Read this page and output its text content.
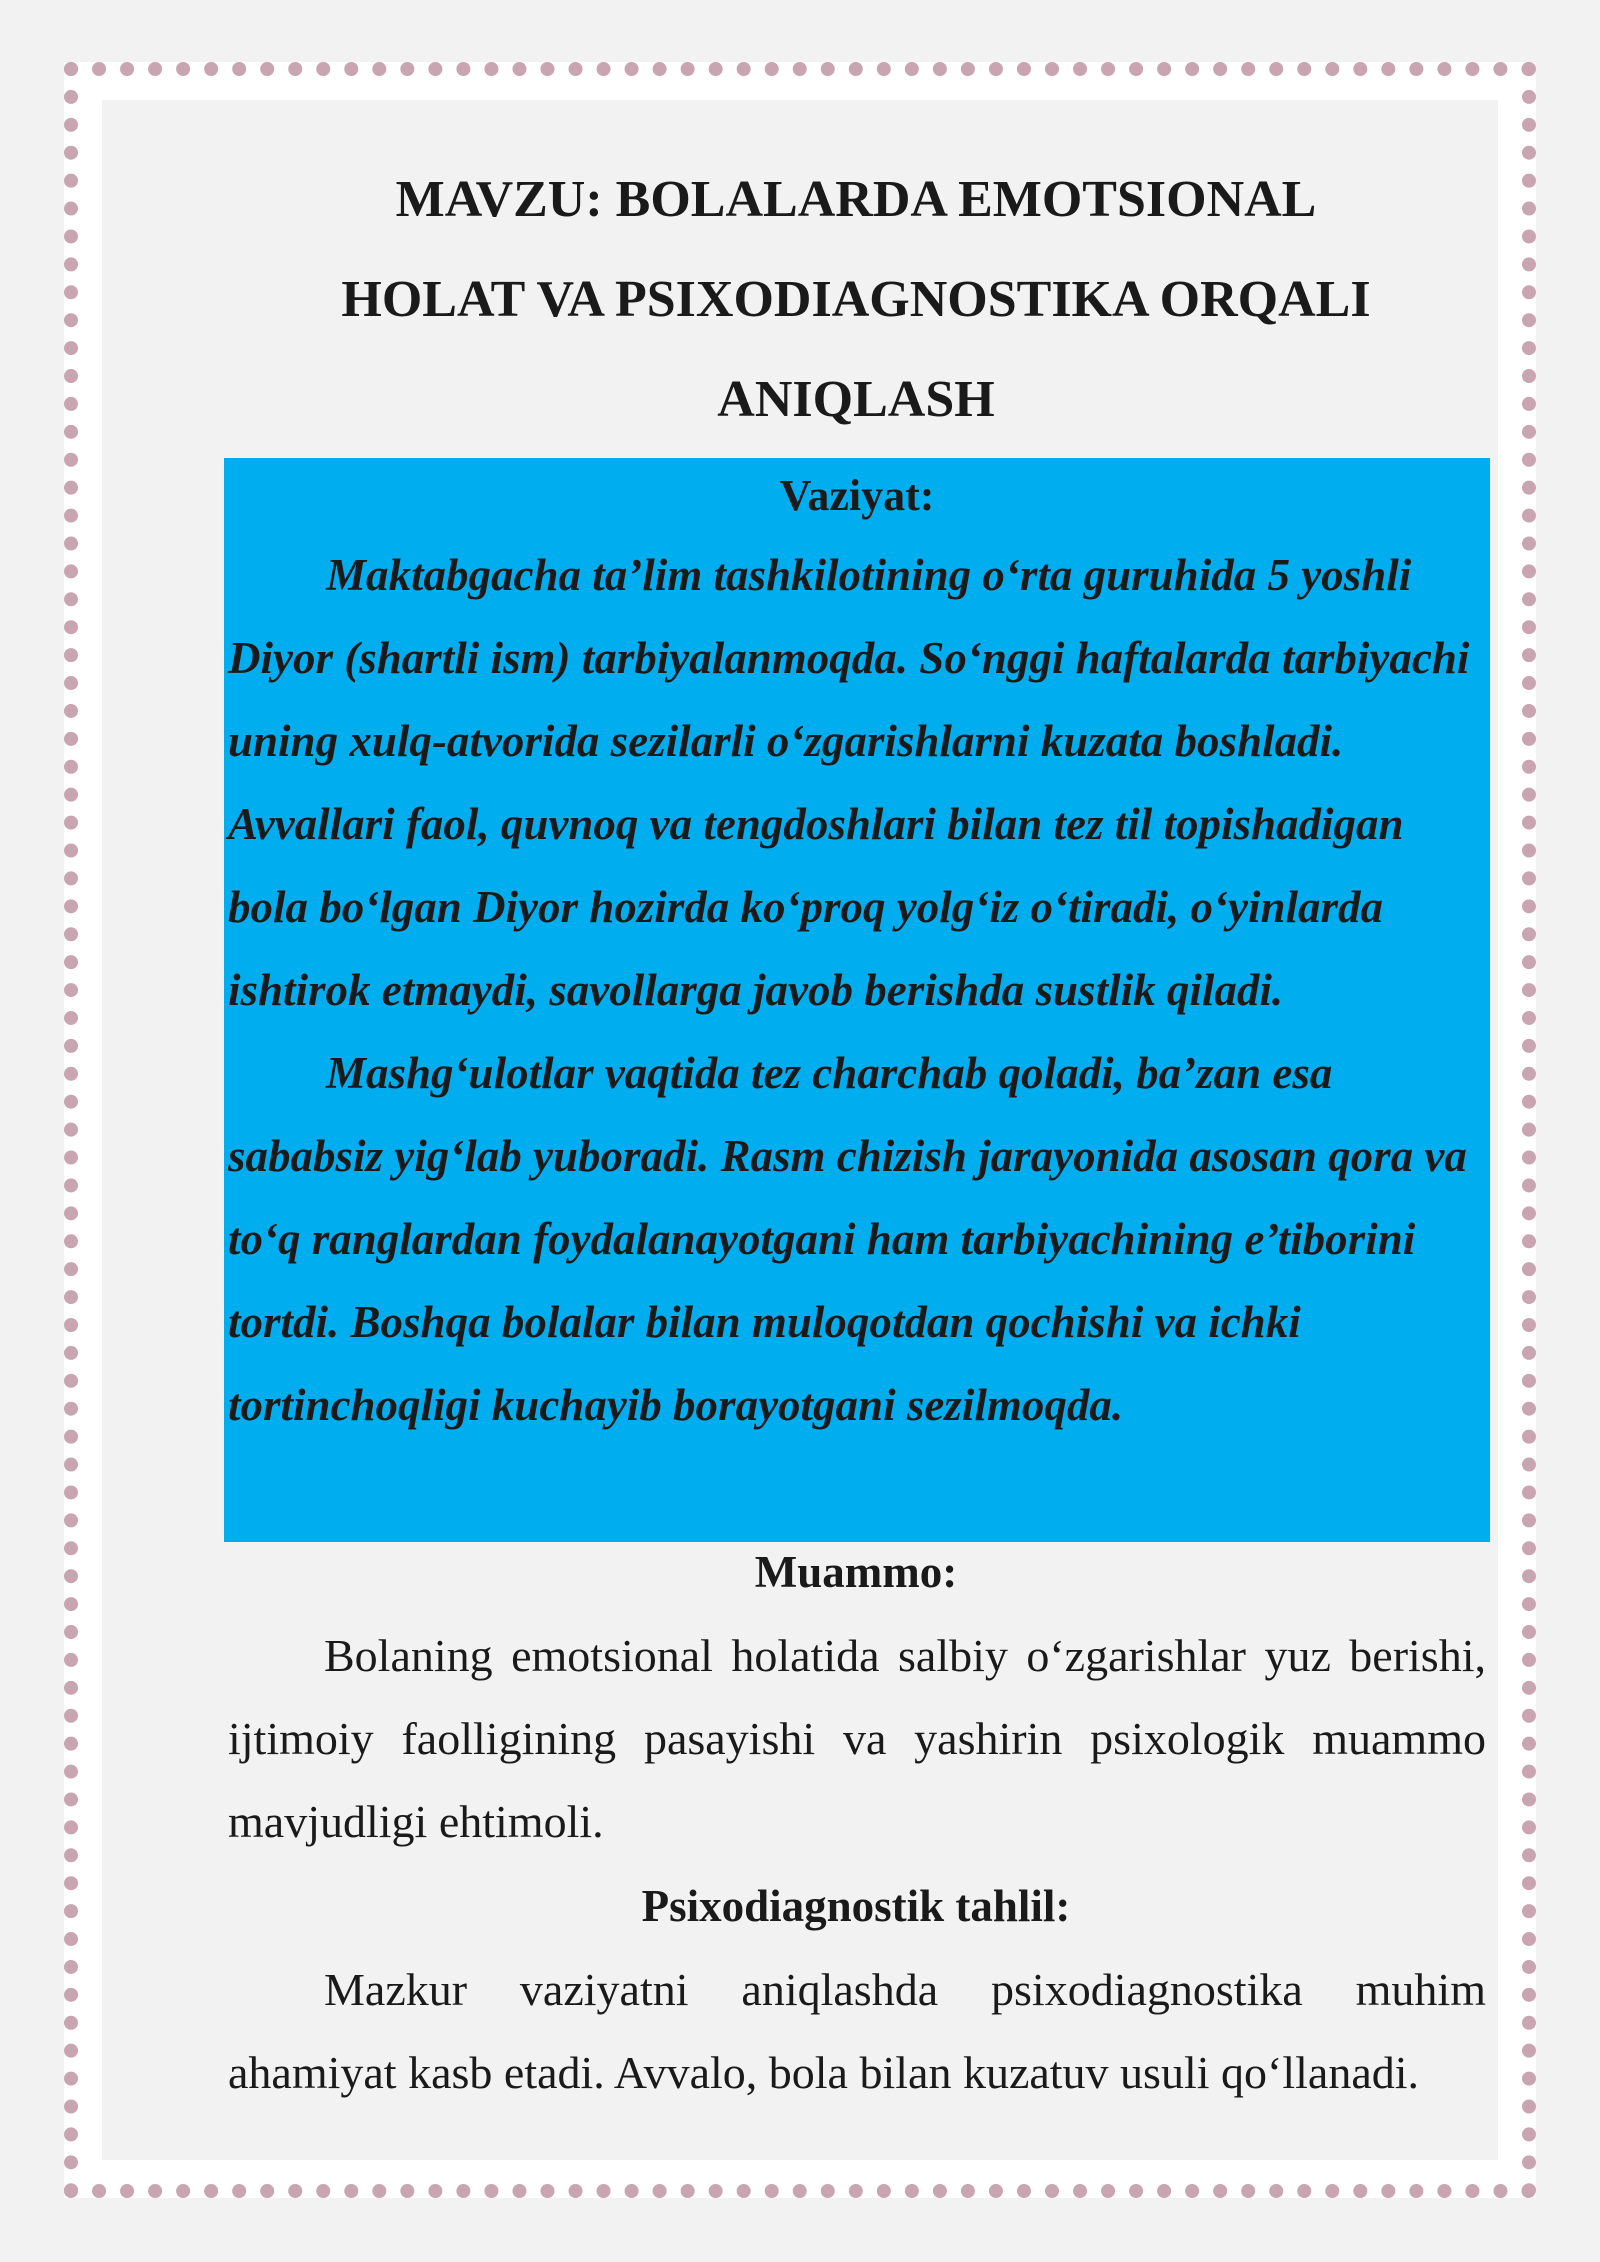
MAVZU: BOLALARDA EMOTSIONAL
HOLAT VA PSIXODIAGNOSTIKA ORQALI
ANIQLASH
Vaziyat:

Maktabgacha ta’lim tashkilotining o‘rta guruhida 5 yoshli Diyor (shartli ism) tarbiyalanmoqda. So‘nggi haftalarda tarbiyachi uning xulq-atvorida sezilarli o‘zgarishlarni kuzata boshladi. Avvallari faol, quvnoq va tengdoshlari bilan tez til topishadigan bola bo‘lgan Diyor hozirda ko‘proq yolg‘iz o‘tiradi, o‘yinlarda ishtirok etmaydi, savollarga javob berishda sustlik qiladi.

Mashg‘ulotlar vaqtida tez charchab qoladi, ba’zan esa sababsiz yig‘lab yuboradi. Rasm chizish jarayonida asosan qora va to‘q ranglardan foydalanayotgani ham tarbiyachining e’tiborini tortdi. Boshqa bolalar bilan muloqotdan qochishi va ichki tortinchoqligi kuchayib borayotgani sezilmoqda.

Muammo:

Bolaning emotsional holatida salbiy o‘zgarishlar yuz berishi, ijtimoiy faolligining pasayishi va yashirin psixologik muammo mavjudligi ehtimoli.

Psixodiagnostik tahlil:

Mazkur vaziyatni aniqlashda psixodiagnostika muhim ahamiyat kasb etadi. Avvalo, bola bilan kuzatuv usuli qo‘llanadi.
